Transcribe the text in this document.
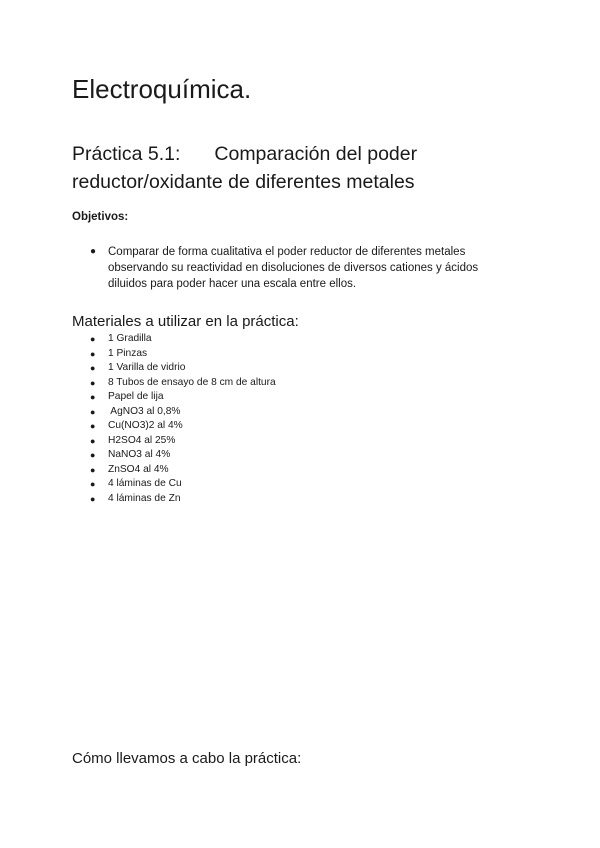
Electroquímica.
Práctica 5.1: Comparación del poder
reductor/oxidante de diferentes metales

Objetivos:

● Comparar de forma cualitativa el poder reductor de diferentes metales observando su reactividad en disoluciones de diversos cationes y ácidos diluidos para poder hacer una escala entre ellos.

Materiales a utilizar en la práctica:

● 1 Gradilla
● 1 Pinzas
● 1 Varilla de vidrio
● 8 Tubos de ensayo de 8 cm de altura
● Papel de lija
● AgNO3 al 0,8%
● Cu(NO3)2 al 4%
● H2SO4 al 25%
● NaNO3 al 4%
● ZnSO4 al 4%
● 4 láminas de Cu
● 4 láminas de Zn

Cómo llevamos a cabo la práctica:
